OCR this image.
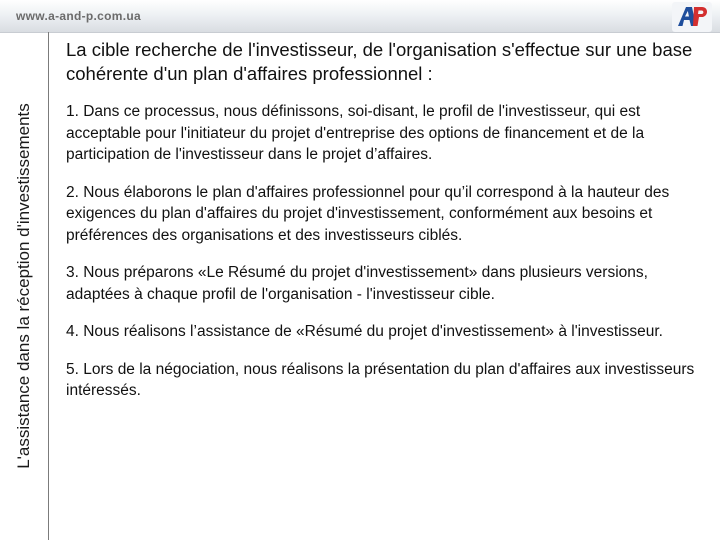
www.a-and-p.com.ua
L'assistance dans la réception d'investissements

La cible recherche de l'investisseur, de l'organisation s'effectue sur une base cohérente d'un plan d'affaires professionnel :

1. Dans ce processus, nous définissons, soi-disant, le profil de l'investisseur, qui est acceptable pour l'initiateur du projet d'entreprise des options de financement et de la participation de l'investisseur dans le projet d’affaires.

2. Nous élaborons le plan d'affaires professionnel pour qu’il correspond à la hauteur des exigences du plan d'affaires du projet d'investissement, conformément aux besoins et préférences des organisations et des investisseurs ciblés.

3. Nous préparons «Le Résumé du projet d'investissement» dans plusieurs versions, adaptées à chaque profil de l'organisation - l'investisseur cible.

4. Nous réalisons l’assistance de «Résumé du projet d'investissement» à l'investisseur.

5. Lors de la négociation, nous réalisons la présentation du plan d'affaires aux investisseurs intéressés.
